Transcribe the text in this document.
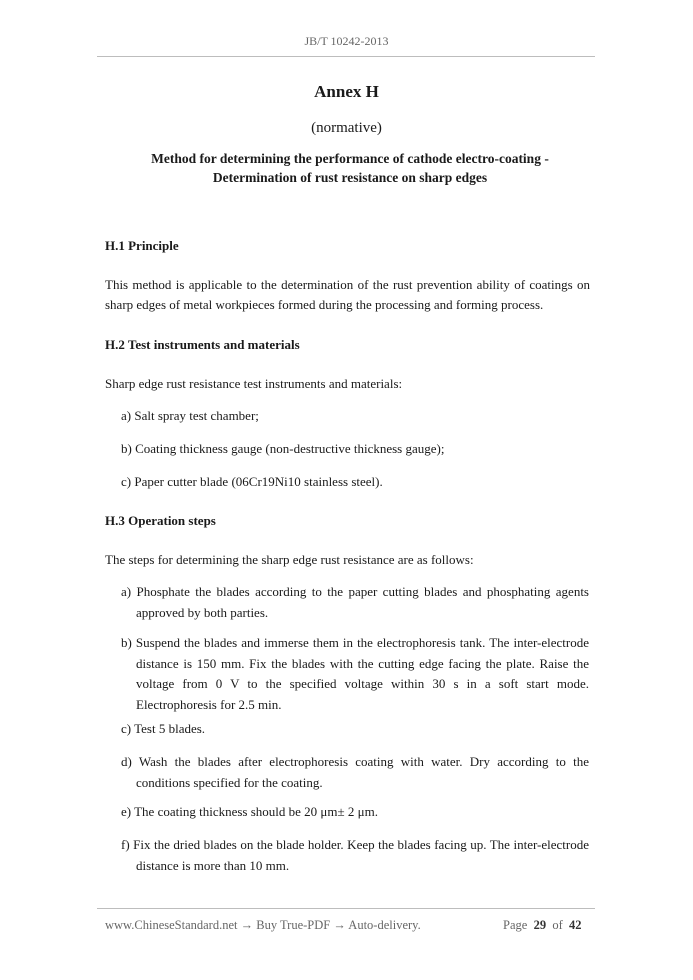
JB/T 10242-2013
Annex H
(normative)
Method for determining the performance of cathode electro-coating -
Determination of rust resistance on sharp edges
H.1 Principle
This method is applicable to the determination of the rust prevention ability of coatings on sharp edges of metal workpieces formed during the processing and forming process.
H.2 Test instruments and materials
Sharp edge rust resistance test instruments and materials:
a) Salt spray test chamber;
b) Coating thickness gauge (non-destructive thickness gauge);
c) Paper cutter blade (06Cr19Ni10 stainless steel).
H.3 Operation steps
The steps for determining the sharp edge rust resistance are as follows:
a) Phosphate the blades according to the paper cutting blades and phosphating agents approved by both parties.
b) Suspend the blades and immerse them in the electrophoresis tank. The inter-electrode distance is 150 mm. Fix the blades with the cutting edge facing the plate. Raise the voltage from 0 V to the specified voltage within 30 s in a soft start mode. Electrophoresis for 2.5 min.
c) Test 5 blades.
d) Wash the blades after electrophoresis coating with water. Dry according to the conditions specified for the coating.
e) The coating thickness should be 20 μm± 2 μm.
f) Fix the dried blades on the blade holder. Keep the blades facing up. The inter-electrode distance is more than 10 mm.
www.ChineseStandard.net → Buy True-PDF → Auto-delivery.	Page 29 of 42
